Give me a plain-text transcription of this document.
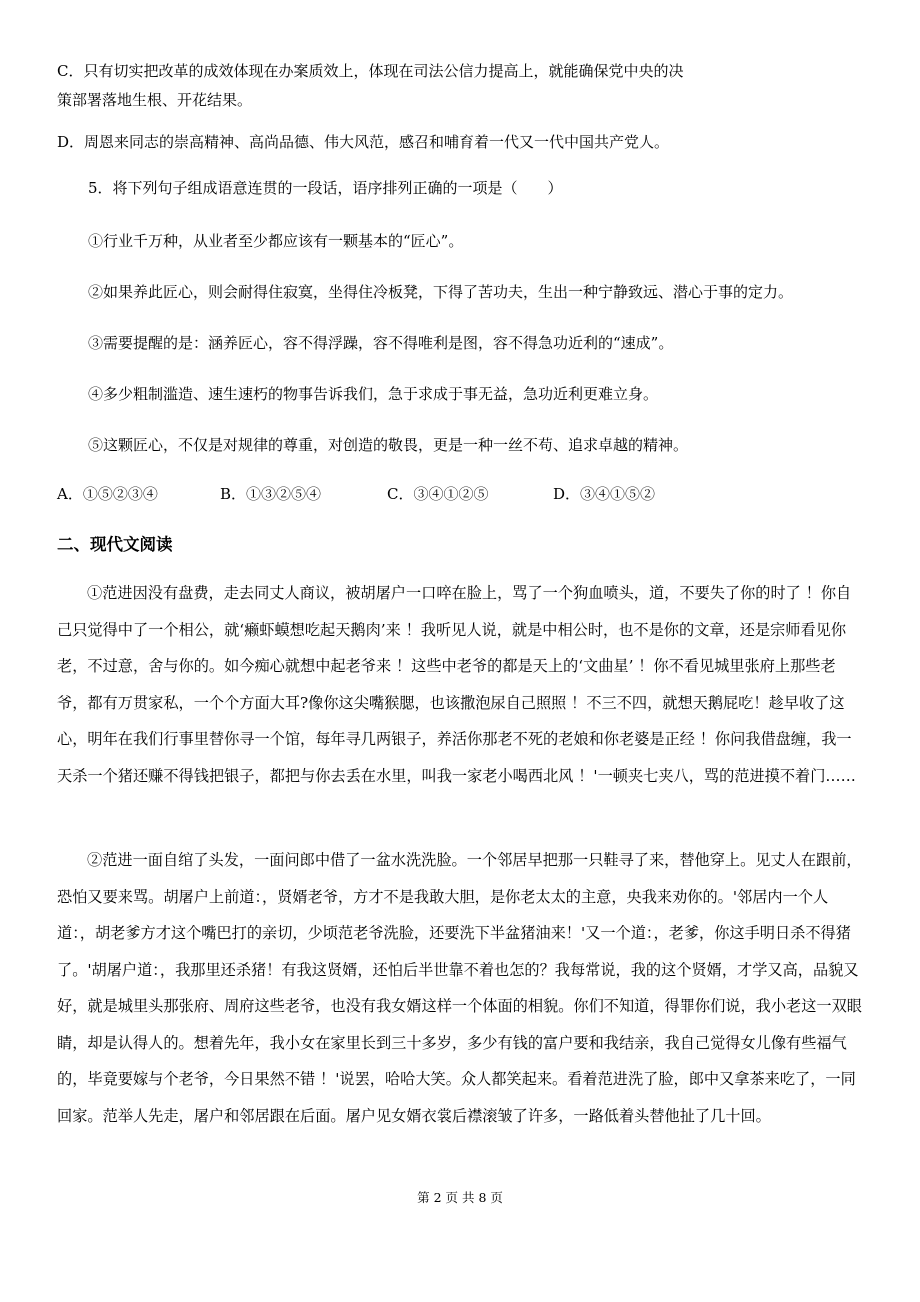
C．只有切实把改革的成效体现在办案质效上，体现在司法公信力提高上，就能确保党中央的决
策部署落地生根、开花结果。
D．周恩来同志的崇高精神、高尚品德、伟大风范，感召和哺育着一代又一代中国共产党人。
5．将下列句子组成语意连贯的一段话，语序排列正确的一项是（　　）
①行业千万种，从业者至少都应该有一颗基本的“匠心”。
②如果养此匠心，则会耐得住寂寞，坐得住冷板凳，下得了苦功夫，生出一种宁静致远、潜心于事的定力。
③需要提醒的是：涵养匠心，容不得浮躁，容不得唯利是图，容不得急功近利的“速成”。
④多少粗制滥造、速生速朽的物事告诉我们，急于求成于事无益，急功近利更难立身。
⑤这颗匠心，不仅是对规律的尊重，对创造的敬畏，更是一种一丝不苟、追求卓越的精神。
A．①⑤②③④	B．①③②⑤④	C．③④①②⑤	D．③④①⑤②
二、现代文阅读
①范进因没有盘费，走去同丈人商议，被胡屠户一口啐在脸上，骂了一个狗血喷头，道，不要失了你的时了 ！你自己只觉得中了一个相公，就‘癞虾蟆想吃起天鹅肉’来 ！我听见人说，就是中相公时，也不是你的文章，还是宗师看见你老，不过意，舍与你的。如今痴心就想中起老爷来 ！这些中老爷的都是天上的‘文曲星’ ！你不看见城里张府上那些老爷，都有万贯家私，一个个方面大耳?像你这尖嘴猴腮，也该撒泡尿自己照照 ！不三不四，就想天鹅屁吃！趁早收了这心，明年在我们行事里替你寻一个馆，每年寻几两银子，养活你那老不死的老娘和你老婆是正经 ！你问我借盘缠，我一天杀一个猪还赚不得钱把银子，都把与你去丢在水里，叫我一家老小喝西北风 ！'一顿夹七夹八，骂的范进摸不着门……
②范进一面自绾了头发，一面问郎中借了一盆水洗洗脸。一个邻居早把那一只鞋寻了来，替他穿上。见丈人在跟前，恐怕又要来骂。胡屠户上前道：，贤婿老爷，方才不是我敢大胆，是你老太太的主意，央我来劝你的。'邻居内一个人道：，胡老爹方才这个嘴巴打的亲切，少顷范老爷洗脸，还要洗下半盆猪油来！'又一个道：，老爹，你这手明日杀不得猪了。'胡屠户道：，我那里还杀猪！有我这贤婿，还怕后半世靠不着也怎的？我每常说，我的这个贤婿，才学又高，品貌又好，就是城里头那张府、周府这些老爷，也没有我女婿这样一个体面的相貌。你们不知道，得罪你们说，我小老这一双眼睛，却是认得人的。想着先年，我小女在家里长到三十多岁，多少有钱的富户要和我结亲，我自己觉得女儿像有些福气的，毕竟要嫁与个老爷，今日果然不错 ！'说罢，哈哈大笑。众人都笑起来。看着范进洗了脸，郎中又拿茶来吃了，一同回家。范举人先走，屠户和邻居跟在后面。屠户见女婿衣裳后襟滚皱了许多，一路低着头替他扯了几十回。
第 2 页 共 8 页
